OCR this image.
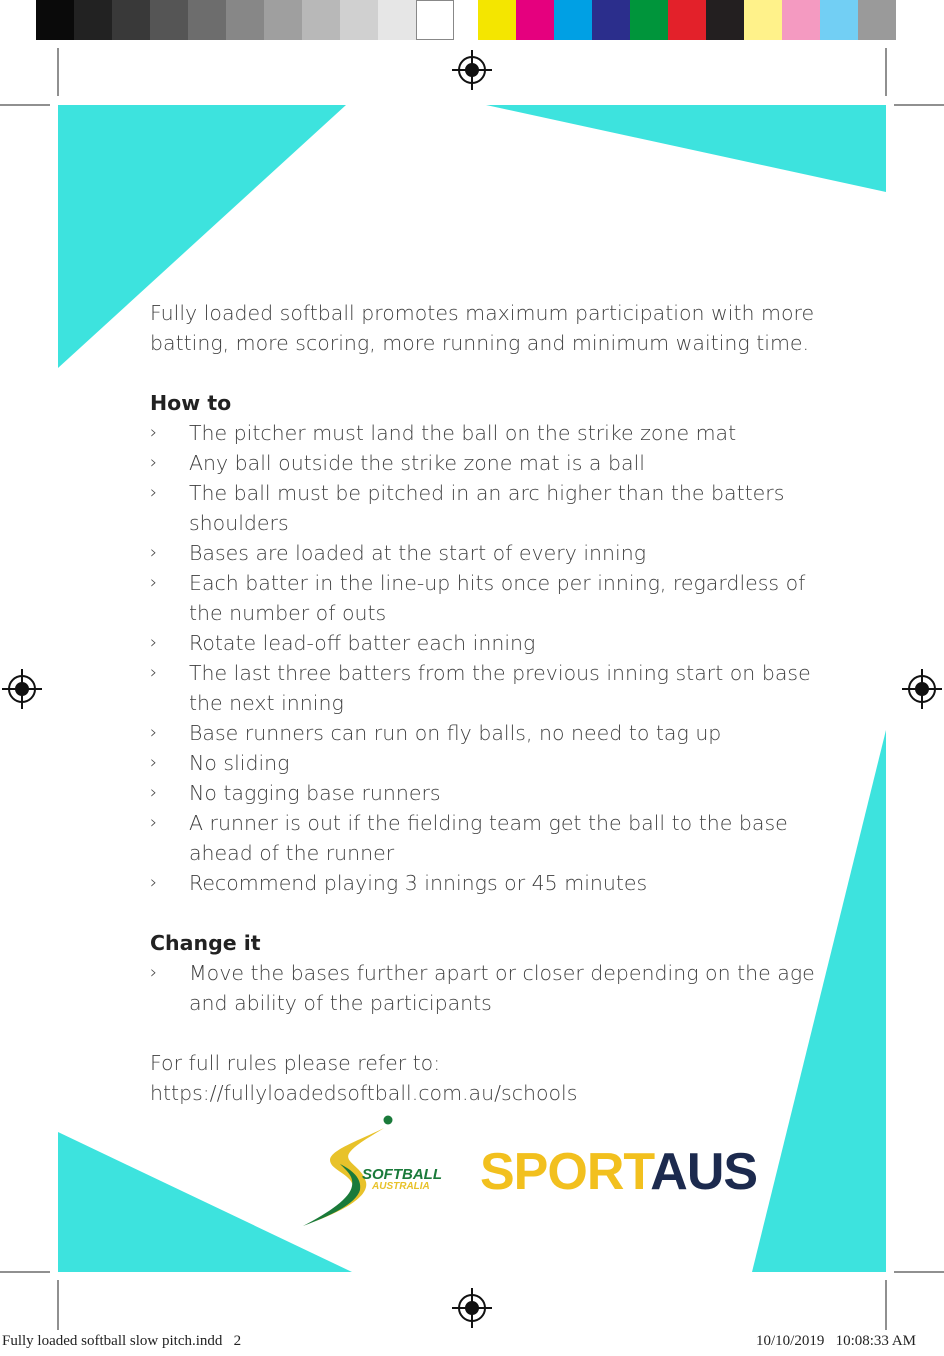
Fully loaded softball promotes maximum participation with more batting, more scoring, more running and minimum waiting time.

How to

› The pitcher must land the ball on the strike zone mat
› Any ball outside the strike zone mat is a ball
› The ball must be pitched in an arc higher than the batters shoulders
› Bases are loaded at the start of every inning
› Each batter in the line-up hits once per inning, regardless of the number of outs
› Rotate lead-off batter each inning
› The last three batters from the previous inning start on base the next inning
› Base runners can run on fly balls, no need to tag up
› No sliding
› No tagging base runners
› A runner is out if the fielding team get the ball to the base ahead of the runner
› Recommend playing 3 innings or 45 minutes

Change it

› Move the bases further apart or closer depending on the age and ability of the participants

For full rules please refer to:
https://fullyloadedsoftball.com.au/schools

SOFTBALL
AUSTRALIA SPORTAUS
Fully loaded softball slow pitch.indd   2	10/10/2019   10:08:33 AM
